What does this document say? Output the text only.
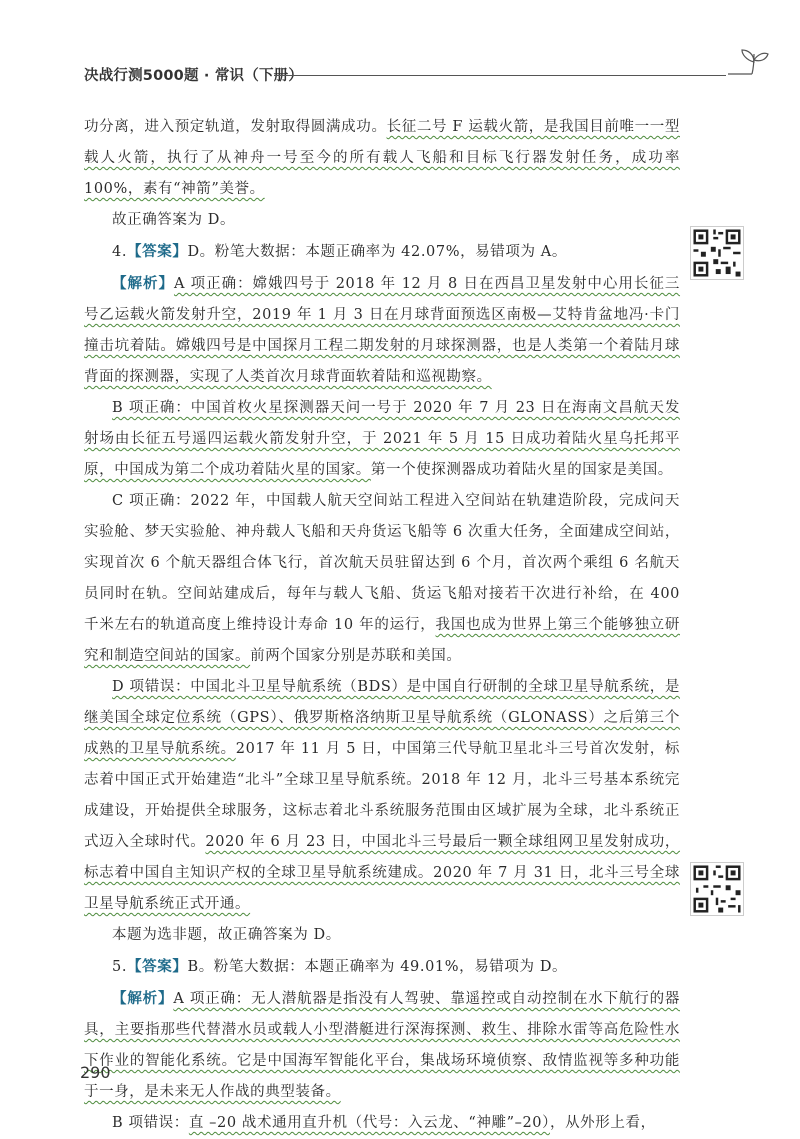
决战行测5000题 · 常识（下册）

功分离，进入预定轨道，发射取得圆满成功。长征二号 F 运载火箭，是我国目前唯一一型载人火箭，执行了从神舟一号至今的所有载人飞船和目标飞行器发射任务，成功率 100%，素有“神箭”美誉。

故正确答案为 D。

4.【答案】D。粉笔大数据：本题正确率为 42.07%，易错项为 A。

【解析】A 项正确：嫦娥四号于 2018 年 12 月 8 日在西昌卫星发射中心用长征三号乙运载火箭发射升空，2019 年 1 月 3 日在月球背面预选区南极—艾特肯盆地冯·卡门撞击坑着陆。嫦娥四号是中国探月工程二期发射的月球探测器，也是人类第一个着陆月球背面的探测器，实现了人类首次月球背面软着陆和巡视勘察。

B 项正确：中国首枚火星探测器天问一号于 2020 年 7 月 23 日在海南文昌航天发射场由长征五号遥四运载火箭发射升空，于 2021 年 5 月 15 日成功着陆火星乌托邦平原，中国成为第二个成功着陆火星的国家。第一个使探测器成功着陆火星的国家是美国。

C 项正确：2022 年，中国载人航天空间站工程进入空间站在轨建造阶段，完成问天实验舱、梦天实验舱、神舟载人飞船和天舟货运飞船等 6 次重大任务，全面建成空间站，实现首次 6 个航天器组合体飞行，首次航天员驻留达到 6 个月，首次两个乘组 6 名航天员同时在轨。空间站建成后，每年与载人飞船、货运飞船对接若干次进行补给，在 400 千米左右的轨道高度上维持设计寿命 10 年的运行，我国也成为世界上第三个能够独立研究和制造空间站的国家。前两个国家分别是苏联和美国。

D 项错误：中国北斗卫星导航系统（BDS）是中国自行研制的全球卫星导航系统，是继美国全球定位系统（GPS）、俄罗斯格洛纳斯卫星导航系统（GLONASS）之后第三个成熟的卫星导航系统。2017 年 11 月 5 日，中国第三代导航卫星北斗三号首次发射，标志着中国正式开始建造“北斗”全球卫星导航系统。2018 年 12 月，北斗三号基本系统完成建设，开始提供全球服务，这标志着北斗系统服务范围由区域扩展为全球，北斗系统正式迈入全球时代。2020 年 6 月 23 日，中国北斗三号最后一颗全球组网卫星发射成功，标志着中国自主知识产权的全球卫星导航系统建成。2020 年 7 月 31 日，北斗三号全球卫星导航系统正式开通。

本题为选非题，故正确答案为 D。

5.【答案】B。粉笔大数据：本题正确率为 49.01%，易错项为 D。

【解析】A 项正确：无人潜航器是指没有人驾驶、靠遥控或自动控制在水下航行的器具，主要指那些代替潜水员或载人小型潜艇进行深海探测、救生、排除水雷等高危险性水下作业的智能化系统。它是中国海军智能化平台，集战场环境侦察、敌情监视等多种功能于一身，是未来无人作战的典型装备。

B 项错误：直 –20 战术通用直升机（代号：入云龙、“神雕”–20），从外形上看，

290
